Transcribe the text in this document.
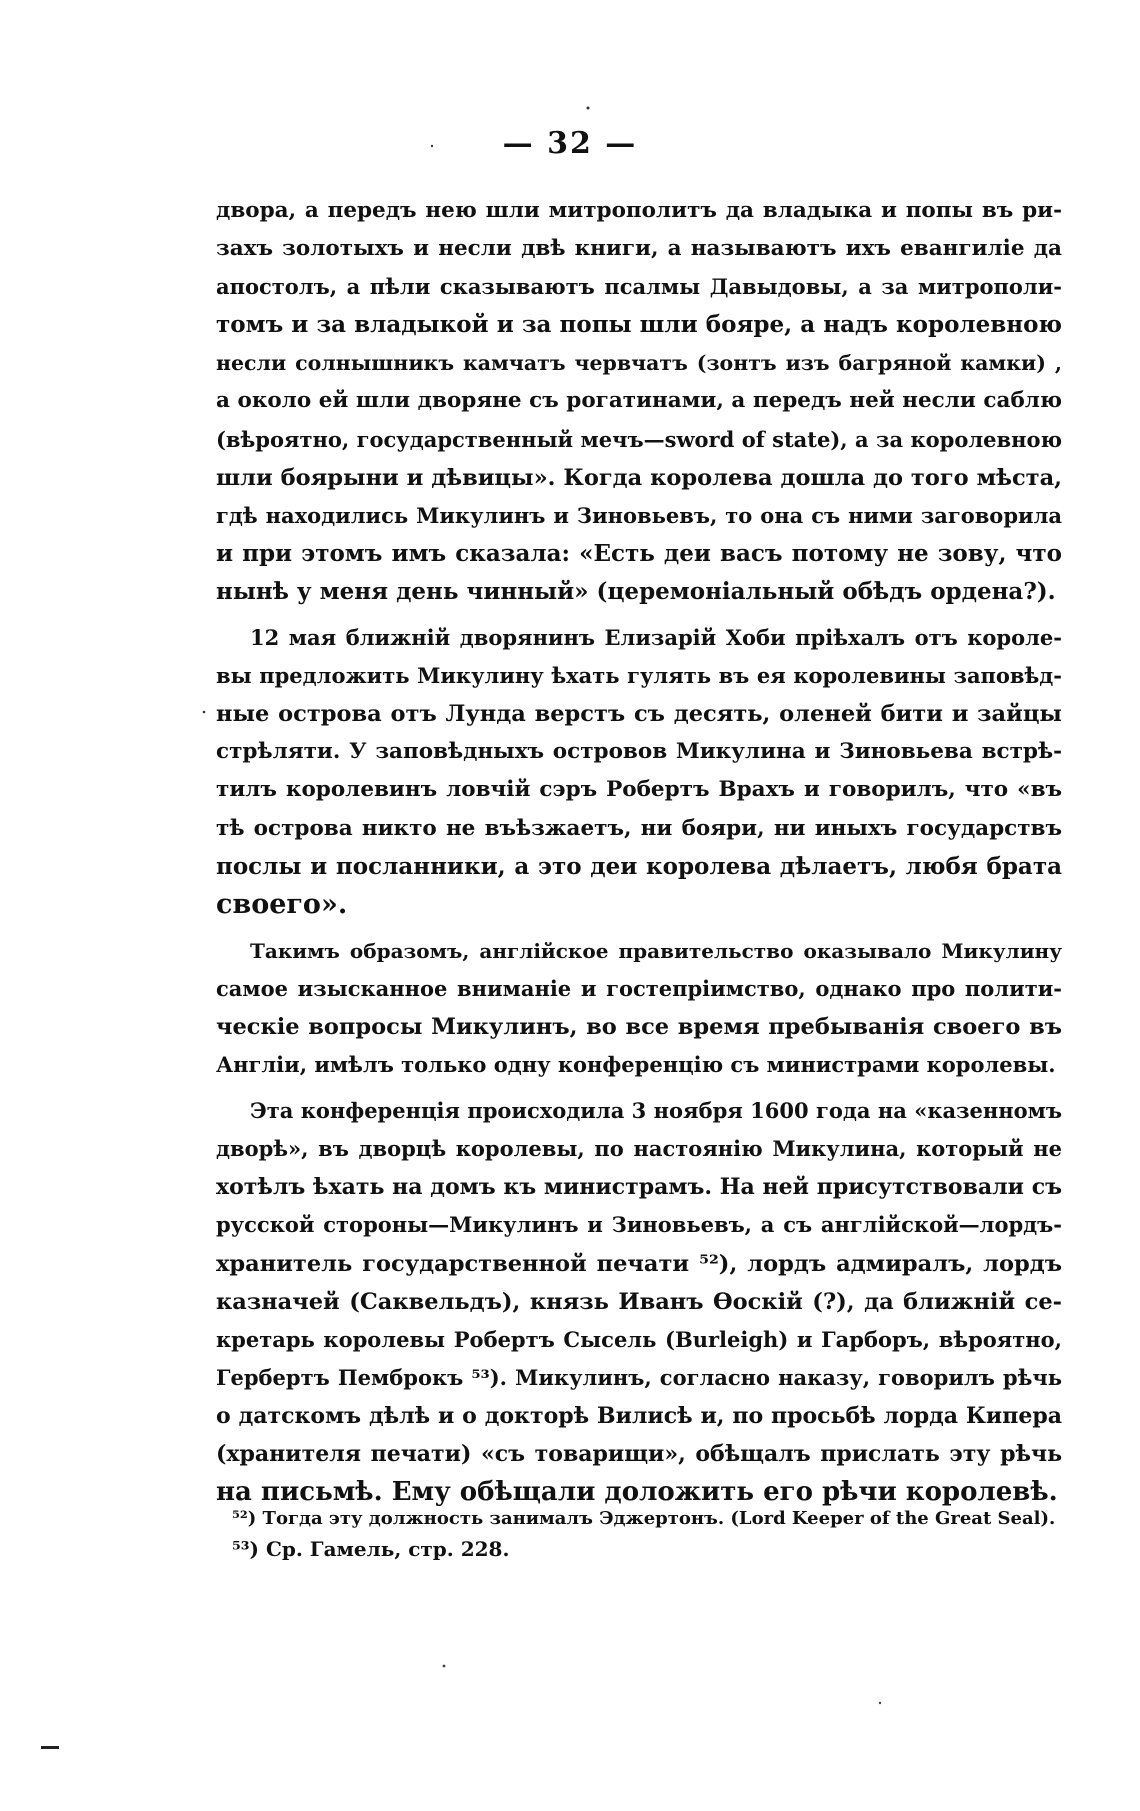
— 32 —
двора, а передъ нею шли митрополитъ да владыка и попы въ ри-
захъ золотыхъ и несли двѣ книги, а называютъ ихъ евангиліе да
апостолъ, а пѣли сказываютъ псалмы Давыдовы, а за митрополи-
томъ и за владыкой и за попы шли бояре, а надъ королевною
несли солнышникъ камчатъ червчатъ (зонтъ изъ багряной камки) ,
а около ей шли дворяне съ рогатинами, а передъ ней несли саблю
(вѣроятно, государственный мечъ—sword of state), а за королевною
шли боярыни и дѣвицы». Когда королева дошла до того мѣста,
гдѣ находились Микулинъ и Зиновьевъ, то она съ ними заговорила
и при этомъ имъ сказала: «Есть деи васъ потому не зову, что
нынѣ у меня день чинный» (церемоніальный обѣдъ ордена?).
12 мая ближній дворянинъ Елизарій Хоби пріѣхалъ отъ короле-
вы предложить Микулину ѣхать гулять въ ея королевины заповѣд-
ные острова отъ Лунда верстъ съ десять, оленей бити и зайцы
стрѣляти. У заповѣдныхъ островов Микулина и Зиновьева встрѣ-
тилъ королевинъ ловчій сэръ Робертъ Врахъ и говорилъ, что «въ
тѣ острова никто не въѣзжаетъ, ни бояри, ни иныхъ государствъ
послы и посланники, а это деи королева дѣлаетъ, любя брата
своего».
Такимъ образомъ, англійское правительство оказывало Микулину
самое изысканное вниманіе и гостепріимство, однако про полити-
ческіе вопросы Микулинъ, во все время пребыванія своего въ
Англіи, имѣлъ только одну конференцію съ министрами королевы.
Эта конференція происходила 3 ноября 1600 года на «казенномъ
дворѣ», въ дворцѣ королевы, по настоянію Микулина, который не
хотѣлъ ѣхать на домъ къ министрамъ. На ней присутствовали съ
русской стороны—Микулинъ и Зиновьевъ, а съ англійской—лордъ-
хранитель государственной печати ⁵²), лордъ адмиралъ, лордъ
казначей (Саквельдъ), князь Иванъ Ѳоскій (?), да ближній се-
кретарь королевы Робертъ Сысель (Burleigh) и Гарборъ, вѣроятно,
Гербертъ Пемброкъ ⁵³). Микулинъ, согласно наказу, говорилъ рѣчь
о датскомъ дѣлѣ и о докторѣ Вилисѣ и, по просьбѣ лорда Кипера
(хранителя печати) «съ товарищи», обѣщалъ прислать эту рѣчь
на письмѣ. Ему обѣщали доложить его рѣчи королевѣ.
⁵²) Тогда эту должность занималъ Эджертонъ. (Lord Keeper of the Great Seal).
⁵³) Ср. Гамель, стр. 228.
